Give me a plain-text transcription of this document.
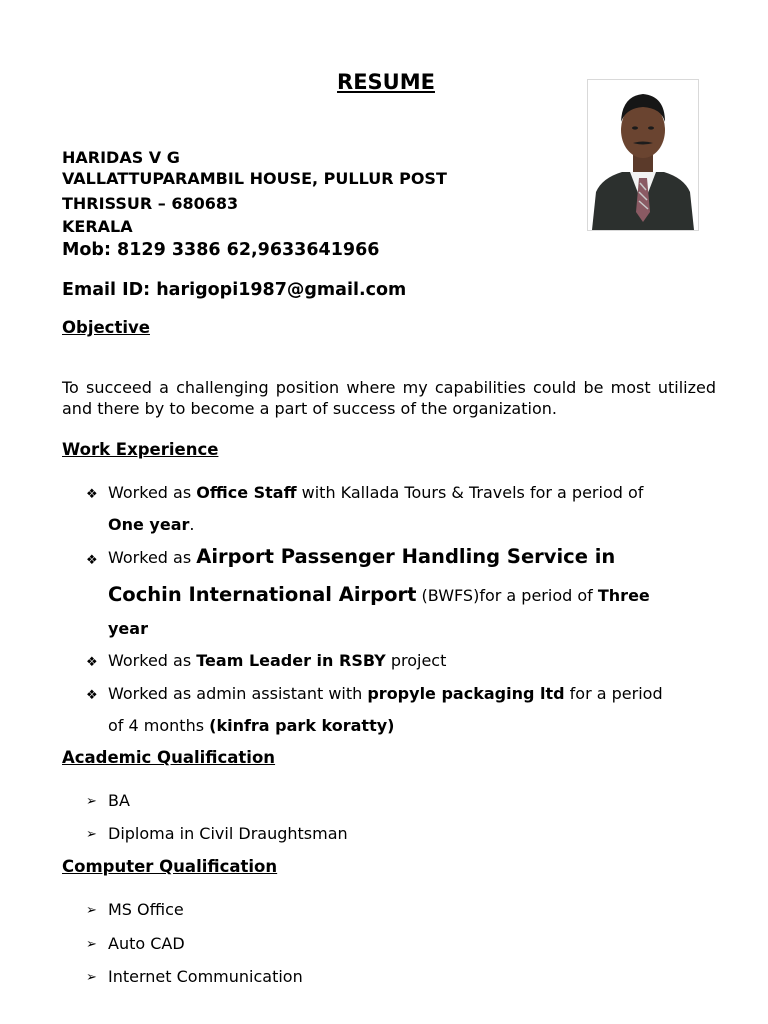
RESUME
HARIDAS V G
VALLATTUPARAMBIL HOUSE, PULLUR POST
THRISSUR – 680683
KERALA
Mob: 8129 3386 62,9633641966
Email ID: harigopi1987@gmail.com
Objective
To succeed a challenging position where my capabilities could be most utilized and there by to become a part of success of the organization.
Work Experience
❖ Worked as Office Staff with Kallada Tours & Travels for a period of
One year.
❖ Worked as Airport Passenger Handling Service in
Cochin International Airport (BWFS)for a period of Three
year
❖ Worked as Team Leader in RSBY project
❖ Worked as admin assistant with propyle packaging ltd for a period
of 4 months (kinfra park koratty)
Academic Qualification
➢ BA
➢ Diploma in Civil Draughtsman
Computer Qualification
➢ MS Office
➢ Auto CAD
➢ Internet Communication
